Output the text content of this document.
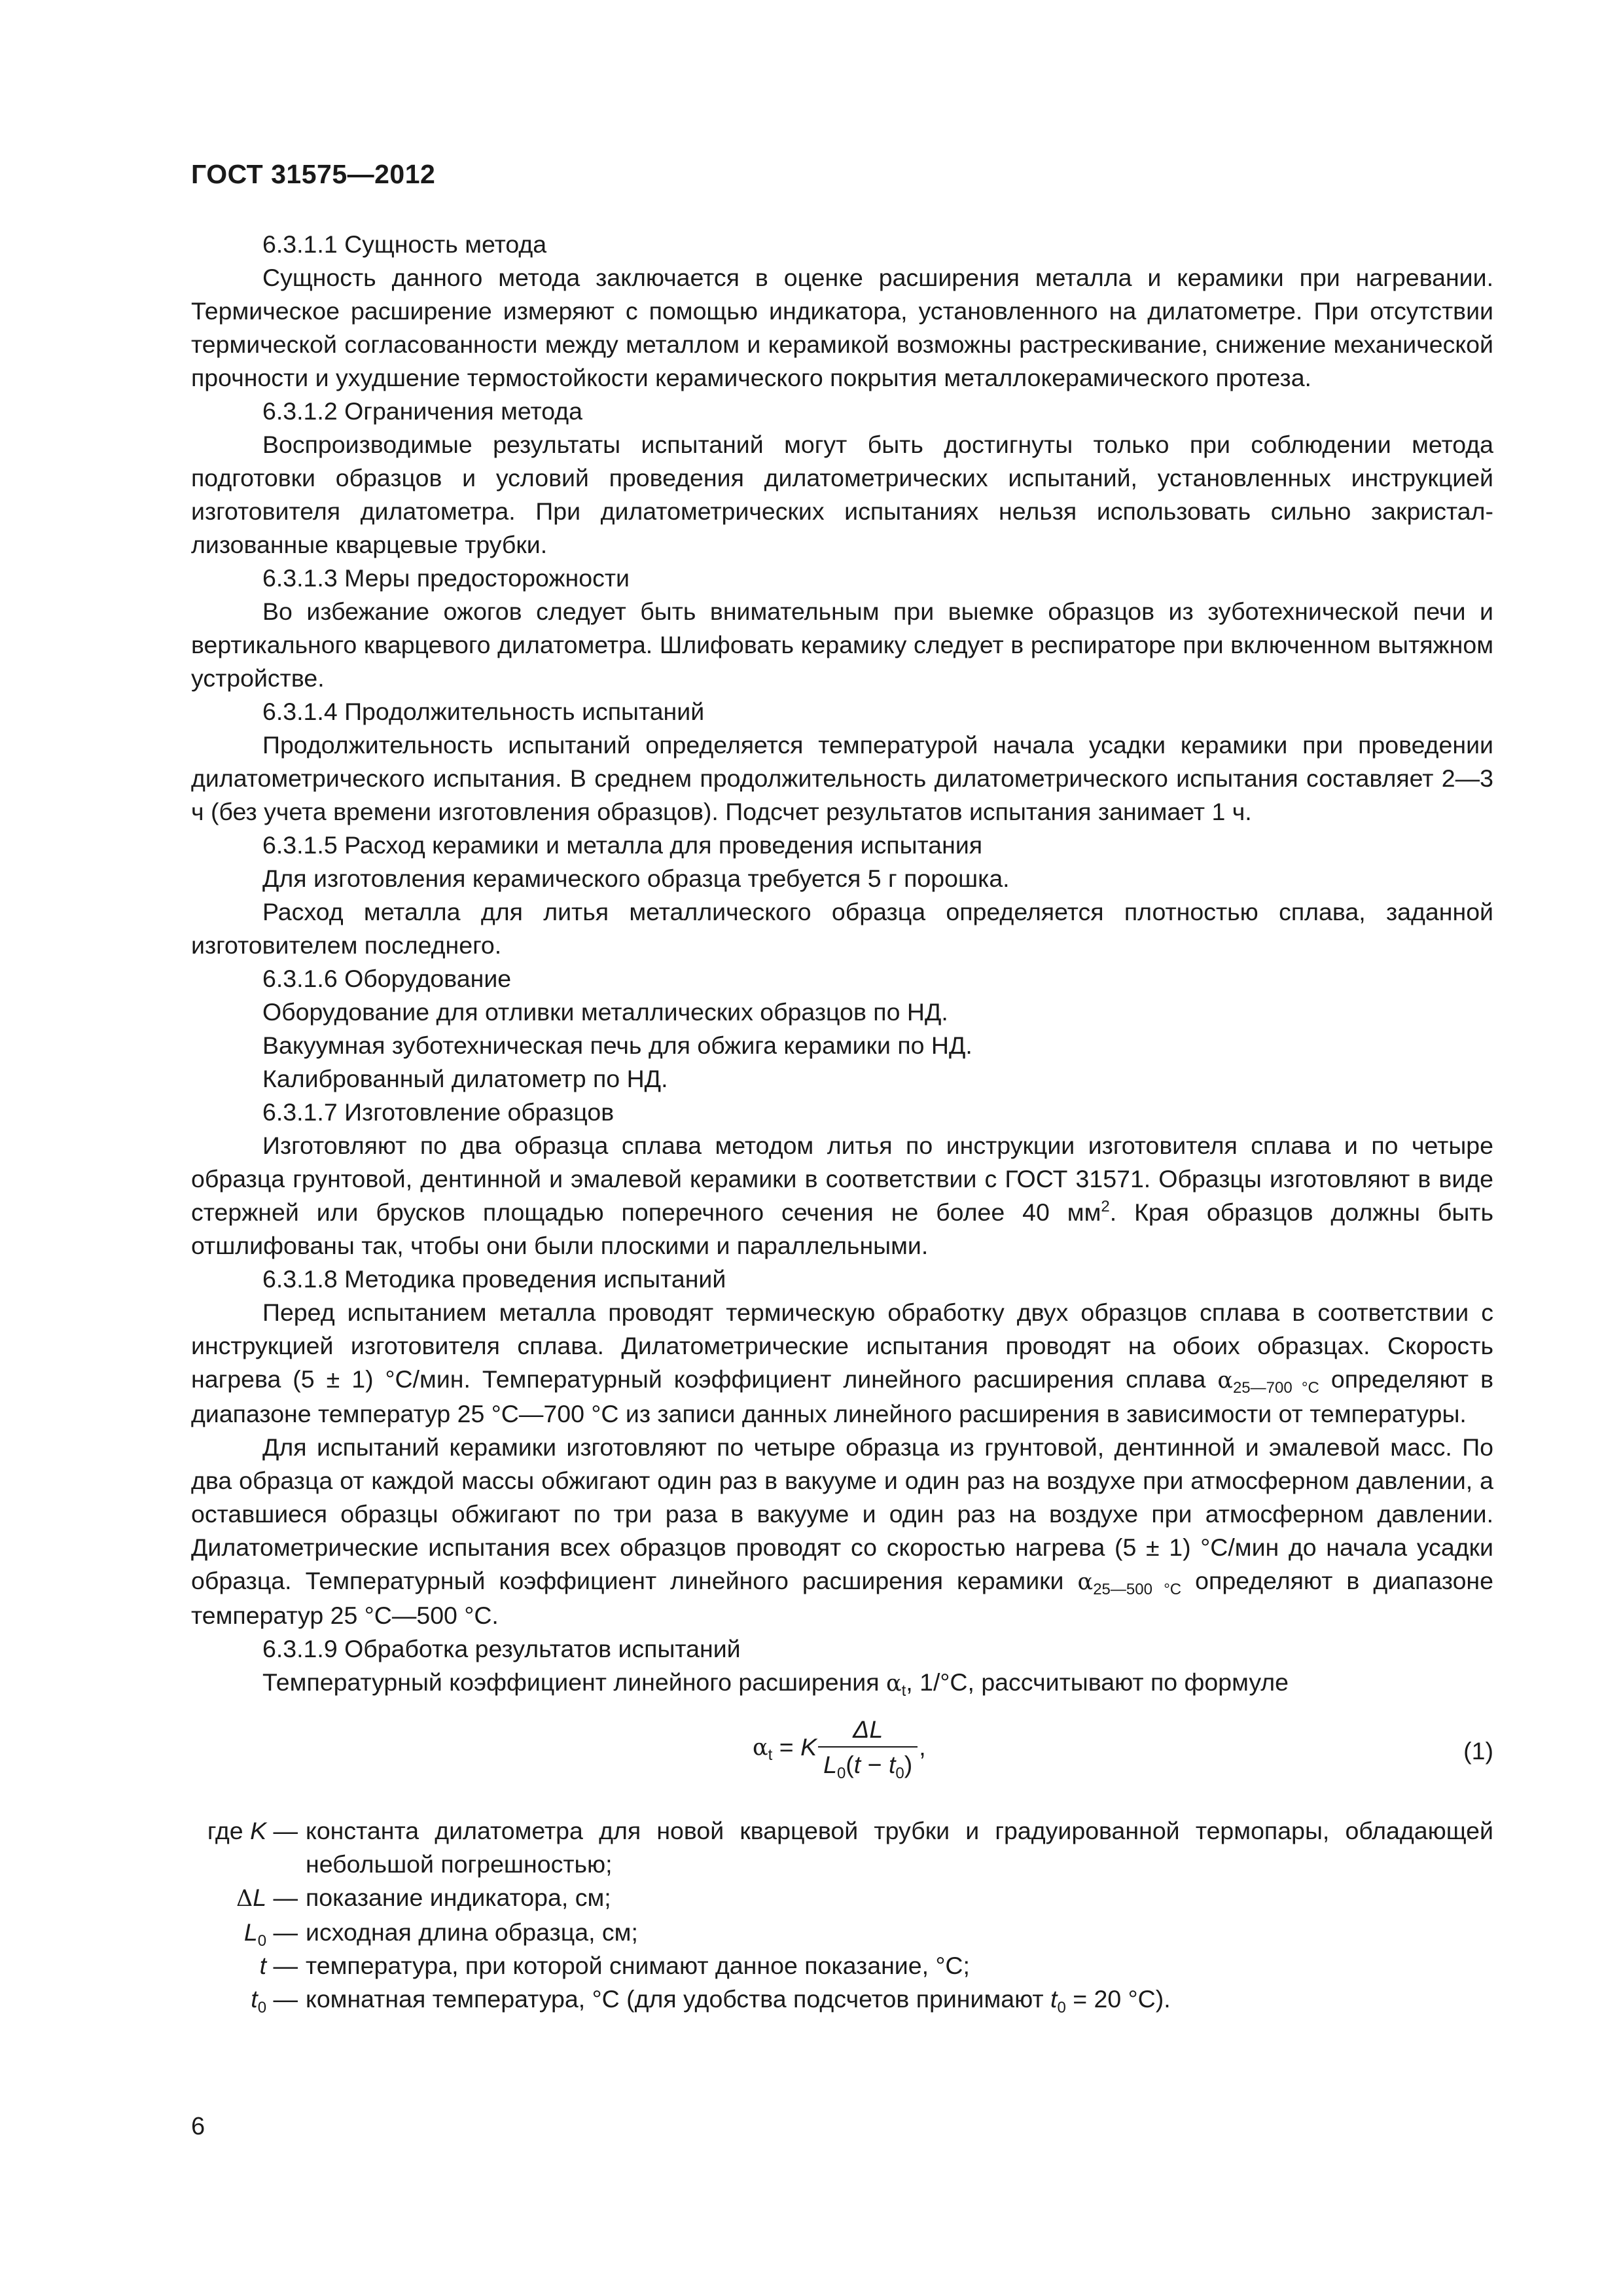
ГОСТ 31575—2012

6.3.1.1 Сущность метода

Сущность данного метода заключается в оценке расширения металла и керамики при нагревании. Термическое расширение измеряют с помощью индикатора, установленного на дилатометре. При отсутствии термической согласованности между металлом и керамикой возможны растрескивание, снижение механической прочности и ухудшение термостойкости керамического покрытия металлокерамического протеза.

6.3.1.2 Ограничения метода

Воспроизводимые результаты испытаний могут быть достигнуты только при соблюдении метода подготовки образцов и условий проведения дилатометрических испытаний, установленных инструкцией изготовителя дилатометра. При дилатометрических испытаниях нельзя использовать сильно закристаллизованные кварцевые трубки.

6.3.1.3 Меры предосторожности

Во избежание ожогов следует быть внимательным при выемке образцов из зуботехнической печи и вертикального кварцевого дилатометра. Шлифовать керамику следует в респираторе при включенном вытяжном устройстве.

6.3.1.4 Продолжительность испытаний

Продолжительность испытаний определяется температурой начала усадки керамики при проведении дилатометрического испытания. В среднем продолжительность дилатометрического испытания составляет 2—3 ч (без учета времени изготовления образцов). Подсчет результатов испытания занимает 1 ч.

6.3.1.5 Расход керамики и металла для проведения испытания

Для изготовления керамического образца требуется 5 г порошка.

Расход металла для литья металлического образца определяется плотностью сплава, заданной изготовителем последнего.

6.3.1.6 Оборудование

Оборудование для отливки металлических образцов по НД.

Вакуумная зуботехническая печь для обжига керамики по НД.

Калиброванный дилатометр по НД.

6.3.1.7 Изготовление образцов

Изготовляют по два образца сплава методом литья по инструкции изготовителя сплава и по четыре образца грунтовой, дентинной и эмалевой керамики в соответствии с ГОСТ 31571. Образцы изготовляют в виде стержней или брусков площадью поперечного сечения не более 40 $мм^2$. Края образцов должны быть отшлифованы так, чтобы они были плоскими и параллельными.

6.3.1.8 Методика проведения испытаний

Перед испытанием металла проводят термическую обработку двух образцов сплава в соответствии с инструкцией изготовителя сплава. Дилатометрические испытания проводят на обоих образцах. Скорость нагрева (5 ± 1) °С/мин. Температурный коэффициент линейного расширения сплава $\alpha_{25—700 ^\circ С}$ определяют в диапазоне температур 25 °С—700 °С из записи данных линейного расширения в зависимости от температуры.

Для испытаний керамики изготовляют по четыре образца из грунтовой, дентинной и эмалевой масс. По два образца от каждой массы обжигают один раз в вакууме и один раз на воздухе при атмосферном давлении, а оставшиеся образцы обжигают по три раза в вакууме и один раз на воздухе при атмосферном давлении. Дилатометрические испытания всех образцов проводят со скоростью нагрева (5 ± 1) °С/мин до начала усадки образца. Температурный коэффициент линейного расширения керамики $\alpha_{25—500 ^\circ С}$ определяют в диапазоне температур 25 °С—500 °С.

6.3.1.9 Обработка результатов испытаний

Температурный коэффициент линейного расширения $\alpha_t$, 1/°С, рассчитывают по формуле

$\alpha_t = K \frac{\Delta L}{L_0(t - t_0)}$ ,	(1)
где K — константа дилатометра для новой кварцевой трубки и градуированной термопары, обладающей небольшой погрешностью;
ΔL — показание индикатора, см;
$L_0$ — исходная длина образца, см;
t — температура, при которой снимают данное показание, °С;
$t_0$ — комнатная температура, °С (для удобства подсчетов принимают $t_0 = 20$ °С).
6
